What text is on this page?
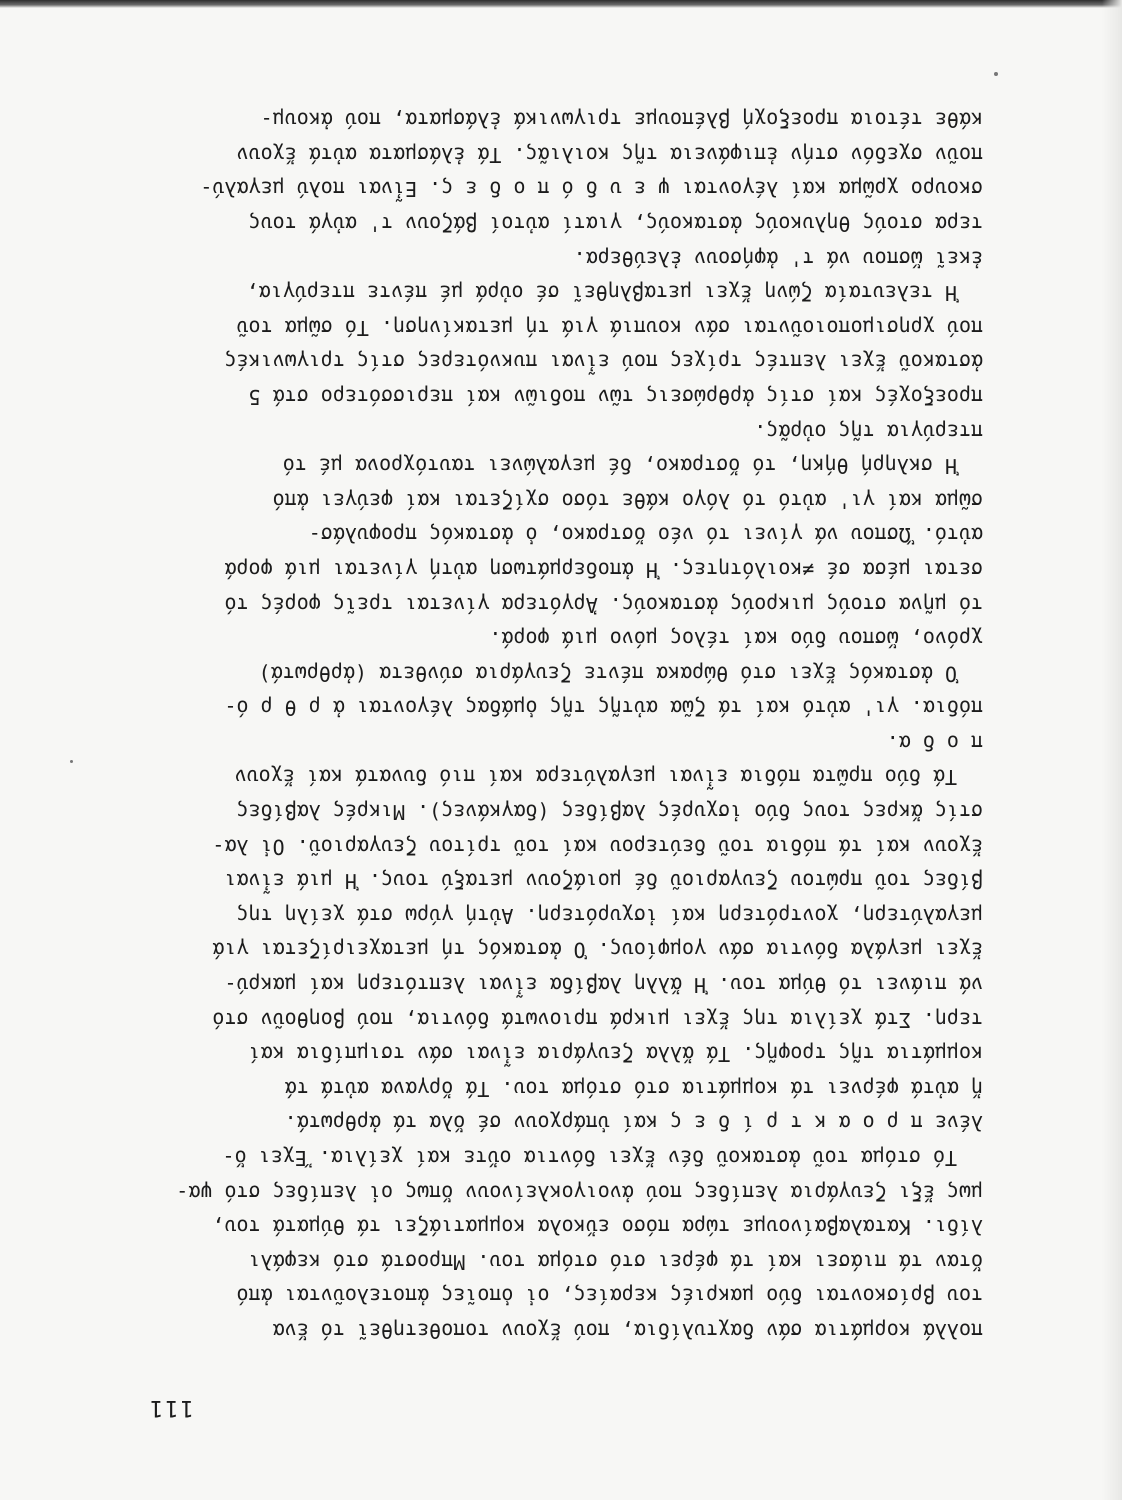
111
πολλά κορμάτια σάν δαχτυλίδια, πού ἔχουν τοποθετηθεῖ τό ἕνα
του βρίσκονται δύο μακριές κεραίες, οἱ ὁποῖες ἀποτελοῦνται ἀπό
ὅταν τά πιάσει καί τά φέρει στό στόμα του. Μπροστά στό κεφάλι
λίδι. Καταλαβαίνουμε τώρα πόσο εὔκολα κομματιάζει τά θύματά του,
μως ἔξι ζευγάρια λεπίδες πού ἀνοιγοκλείνουν ὅπως οἱ λεπίδες στό ψα-
Τό στόμα τοῦ ἀστακοῦ δέν ἔχει δόντια οὔτε καί χείλια. Ἔχει ὅ-
λένε π ρ ο α κ τ ρ ί δ ε ς καί ὑπάρχουν σέ ὅλα τά ἀρθρωτά.
ἤ αὐτά φέρνει τά κομμάτια στό στόμα του. Τά ὄργανα αὐτά τά
κομμάτια τῆς τροφῆς. Τά ἄλλα ζευγάρια εἶναι σάν τσιμπίδια καί
τερη. Στά χείλια της ἔχει μικρά πριονωτά δόντια, πού βοηθοῦν στό
νά πιάνει τό θύμα του. Ἡ ἄλλη λαβίδα εἶναι λεπτότερη καί μακρύ-
ἔχει μεγάλα δόντια σάν γομφίους. Ὁ ἀστακός τή μεταχειρίζεται γιά
μεγαλύτερη, χοντρότερη καί ἰσχυρότερη. Αὐτή γύρω στά χείλη της
βίδες τοῦ πρώτου ζευγαριοῦ δέ μοιάζουν μεταξύ τους. Ἡ μιά εἶναι
ἔχουν καί τά πόδια τοῦ δεύτερου καί τοῦ τρίτου ζευγαριοῦ. Οἱ λα-
στίς ἄκρες τους δύο ἰσχυρές λαβίδες (δαγκάνες). Μικρές λαβίδες
Τά δύο πρῶτα πόδια εἶναι μεγαλύτερα καί πιό δυνατά καί ἔχουν
π ο δ α.
πόδια. γι' αὐτό καί τά ζῶα αὐτῆς τῆς ὁμάδας λέγονται ἀ ρ θ ρ ό-
Ὁ ἀστακός ἔχει στό θώρακα πέντε ζευγάρια σύνθετα (ἀρθρωτά)
χρόνο, ὥσπου δύο καί τέλος μόνο μιά φορά.
τό μῆνα στούς μικρούς ἀστακούς. Ἀργότερα γίνεται τρεῖς φορές τό
σεται μέσα σέ ≠κοιλότητες. Ἡ ἀποδερμάτωση αὐτή γίνεται μιά φορά
αὐτό. Ὥσπου νά γίνει τό νέο ὄστρακο, ὁ ἀστακός προφυλάσ-
σῶμα καί γι' αὐτό τό λόγο κάθε τόσο σχίζεται καί φεύγει ἀπό
Ἡ σκληρή θήκη, τό ὄστρακο, δέ μεγαλώνει ταυτόχρονα μέ τό
πτερύγια τῆς οὐρᾶς.
προεξοχές καί στίς ἀρθρώσεις τῶν ποδιῶν καί περισσότερο στά 5
ἀστακοῦ ἔχει λεπτές τρίχες πού εἶναι πυκνότερες στίς τριγωνικές
πού χρησιμοποιοῦνται σάν κουπιά γιά τή μετακίνηση. Τό σῶμα τοῦ
Ἡ τελευταία ζώνη ἔχει μεταβληθεῖ σέ οὐρά μέ πέντε πτερύγια,
ἐκεῖ ὥσπου νά τ' ἀφήσουν ἐλεύθερα.
τερα στούς θηλυκούς ἀστακούς, γιατί αὐτοί βάζουν τ' αὐγά τους
σκουρο χρῶμα καί λέγονται ψ ε υ δ ό π ο δ ε ς. Εἶναι πολύ μεγαλύ-
ποῦν σχεδόν στήν ἐπιφάνεια τῆς κοιλιᾶς. Τά ἐλάσματα αὐτά ἔχουν
κάθε τέτοια προεξοχή βλέπουμε τριγωνικά ἐλάσματα, πού ἀκουμ-
